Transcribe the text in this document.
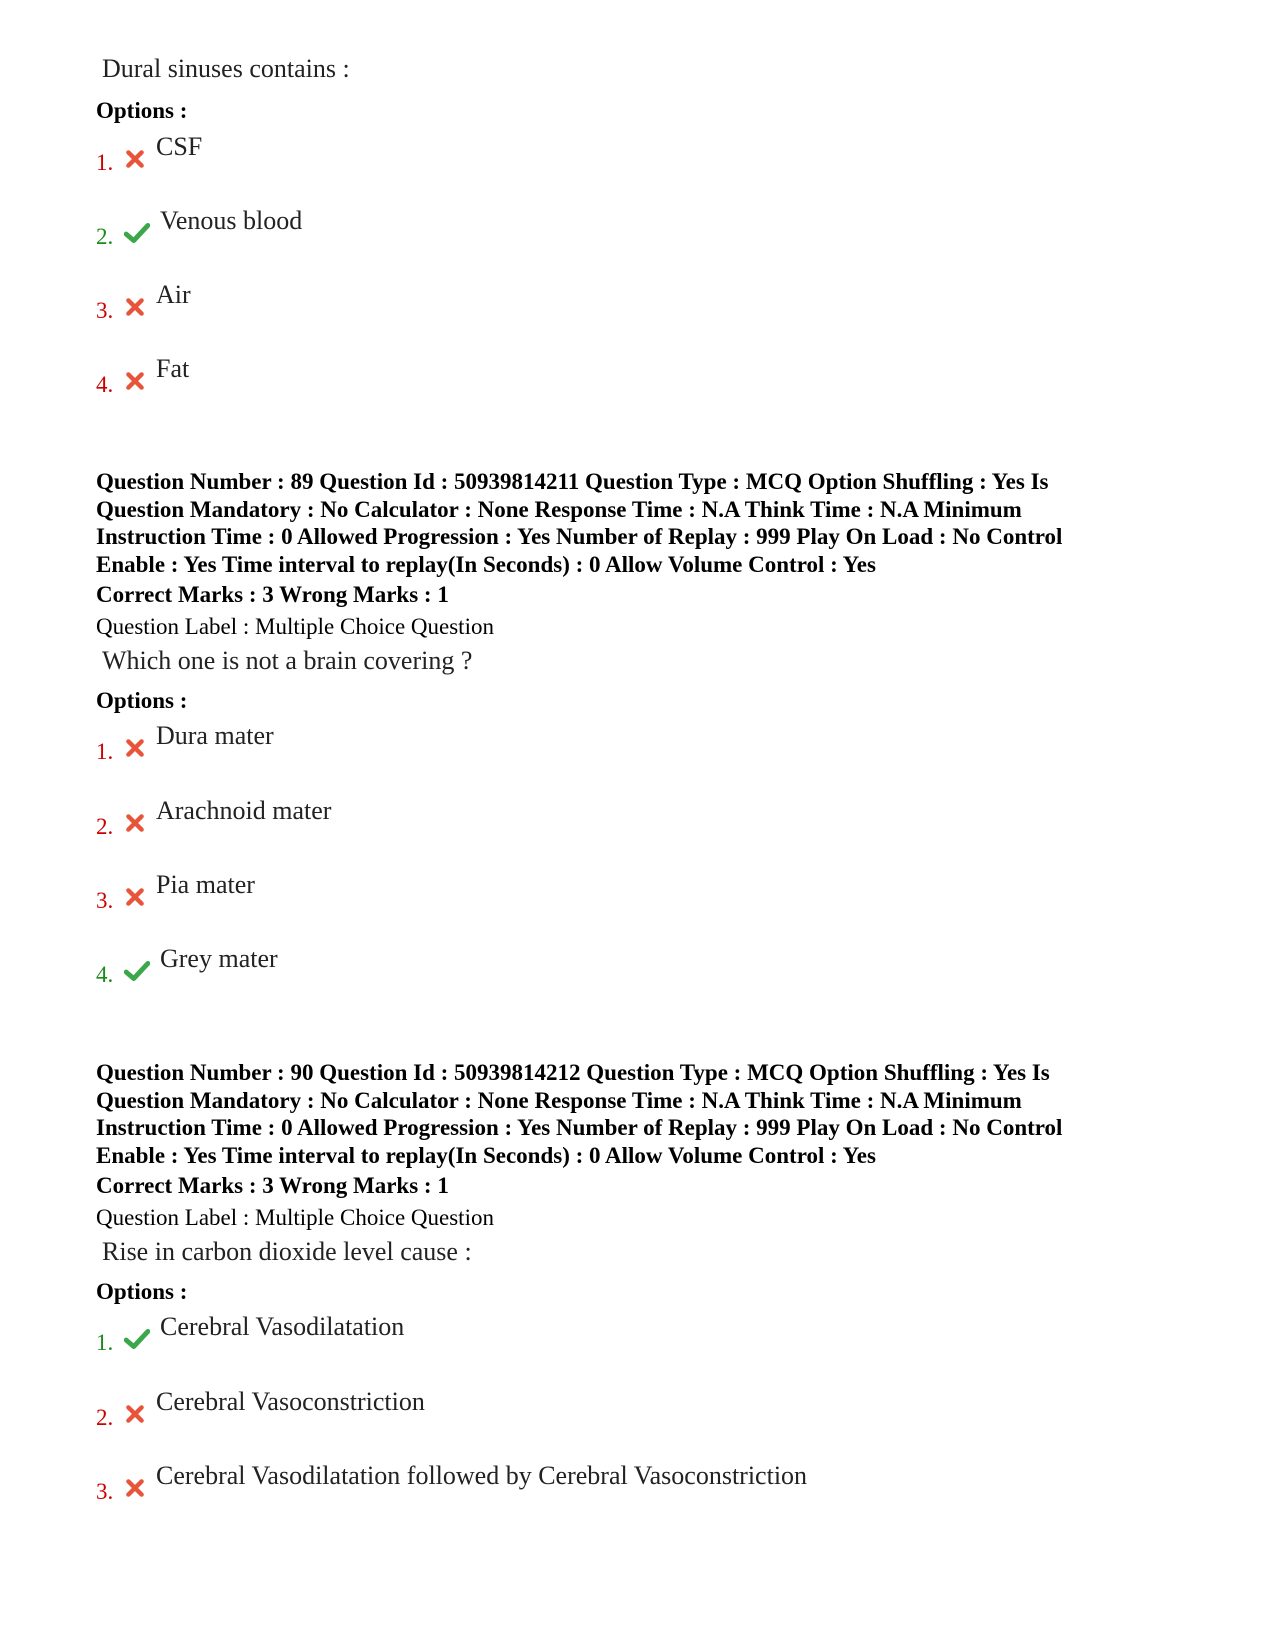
Dural sinuses contains :
Options :
1.
CSF
2.
Venous blood
3.
Air
4.
Fat

Question Number : 89 Question Id : 50939814211 Question Type : MCQ Option Shuffling : Yes Is

Question Mandatory : No Calculator : None Response Time : N.A Think Time : N.A Minimum

Instruction Time : 0 Allowed Progression : Yes Number of Replay : 999 Play On Load : No Control

Enable : Yes Time interval to replay(In Seconds) : 0 Allow Volume Control : Yes

Correct Marks : 3 Wrong Marks : 1
Question Label : Multiple Choice Question
Which one is not a brain covering ?
Options :
1.
Dura mater
2.
Arachnoid mater
3.
Pia mater
4.
Grey mater

Question Number : 90 Question Id : 50939814212 Question Type : MCQ Option Shuffling : Yes Is

Question Mandatory : No Calculator : None Response Time : N.A Think Time : N.A Minimum

Instruction Time : 0 Allowed Progression : Yes Number of Replay : 999 Play On Load : No Control

Enable : Yes Time interval to replay(In Seconds) : 0 Allow Volume Control : Yes

Correct Marks : 3 Wrong Marks : 1
Question Label : Multiple Choice Question
Rise in carbon dioxide level cause :
Options :
1.
Cerebral Vasodilatation
2.
Cerebral Vasoconstriction
3.
Cerebral Vasodilatation followed by Cerebral Vasoconstriction
